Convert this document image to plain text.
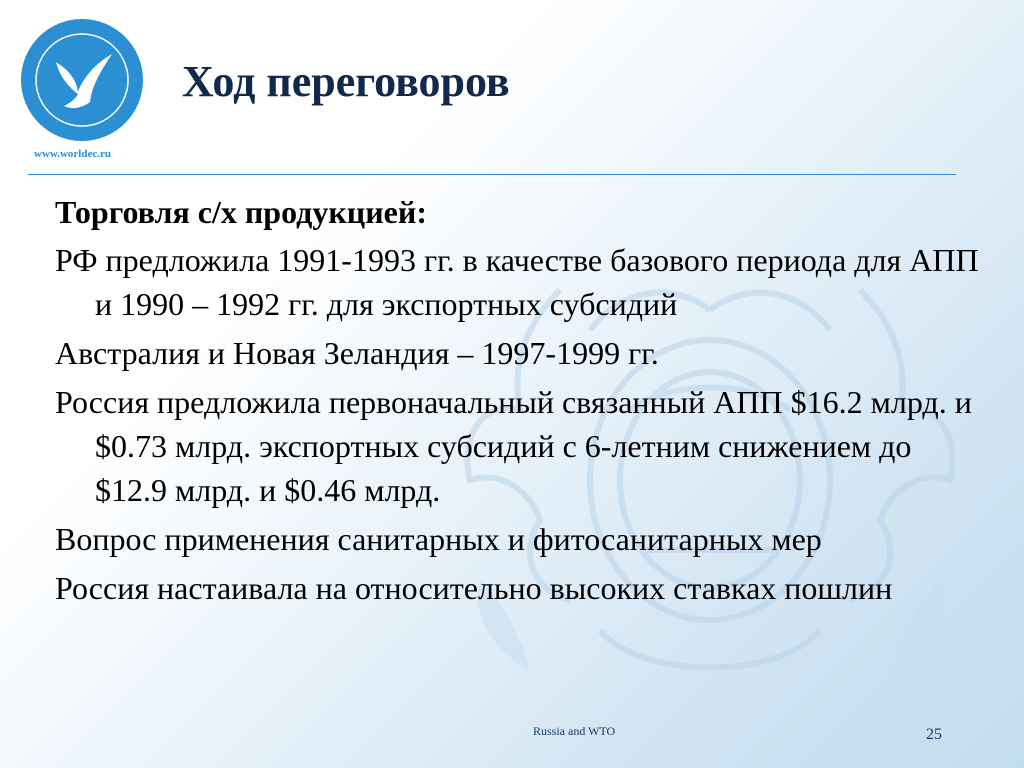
www.worldec.ru
Ход переговоров
Торговля с/х продукцией:
РФ предложила 1991-1993 гг. в качестве базового периода для АПП и 1990 – 1992 гг. для экспортных субсидий
Австралия и Новая Зеландия – 1997-1999 гг.
Россия предложила первоначальный связанный АПП $16.2 млрд. и $0.73 млрд. экспортных субсидий с 6-летним снижением до $12.9 млрд. и $0.46 млрд.
Вопрос применения санитарных и фитосанитарных мер
Россия настаивала на относительно высоких ставках пошлин
Russia and WTO	25
